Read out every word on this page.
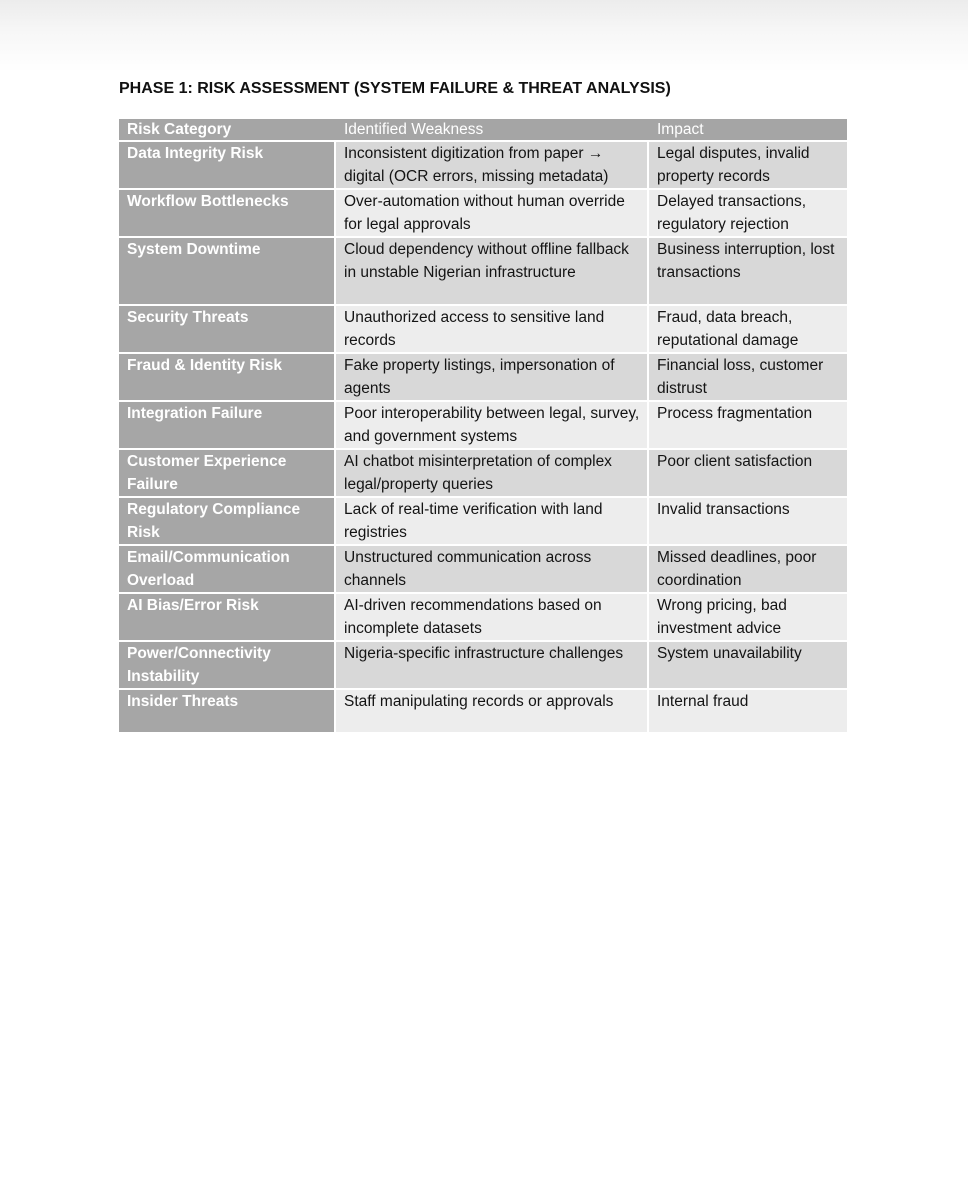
PHASE 1: RISK ASSESSMENT (SYSTEM FAILURE & THREAT ANALYSIS)
Risk Category	Identified Weakness	Impact
Data Integrity Risk	Inconsistent digitization from paper → digital (OCR errors, missing metadata)	Legal disputes, invalid property records
Workflow Bottlenecks	Over-automation without human override for legal approvals	Delayed transactions, regulatory rejection
System Downtime	Cloud dependency without offline fallback in unstable Nigerian infrastructure	Business interruption, lost transactions
Security Threats	Unauthorized access to sensitive land records	Fraud, data breach, reputational damage
Fraud & Identity Risk	Fake property listings, impersonation of agents	Financial loss, customer distrust
Integration Failure	Poor interoperability between legal, survey, and government systems	Process fragmentation
Customer Experience Failure	AI chatbot misinterpretation of complex legal/property queries	Poor client satisfaction
Regulatory Compliance Risk	Lack of real-time verification with land registries	Invalid transactions
Email/Communication Overload	Unstructured communication across channels	Missed deadlines, poor coordination
AI Bias/Error Risk	AI-driven recommendations based on incomplete datasets	Wrong pricing, bad investment advice
Power/Connectivity Instability	Nigeria-specific infrastructure challenges	System unavailability
Insider Threats	Staff manipulating records or approvals	Internal fraud
